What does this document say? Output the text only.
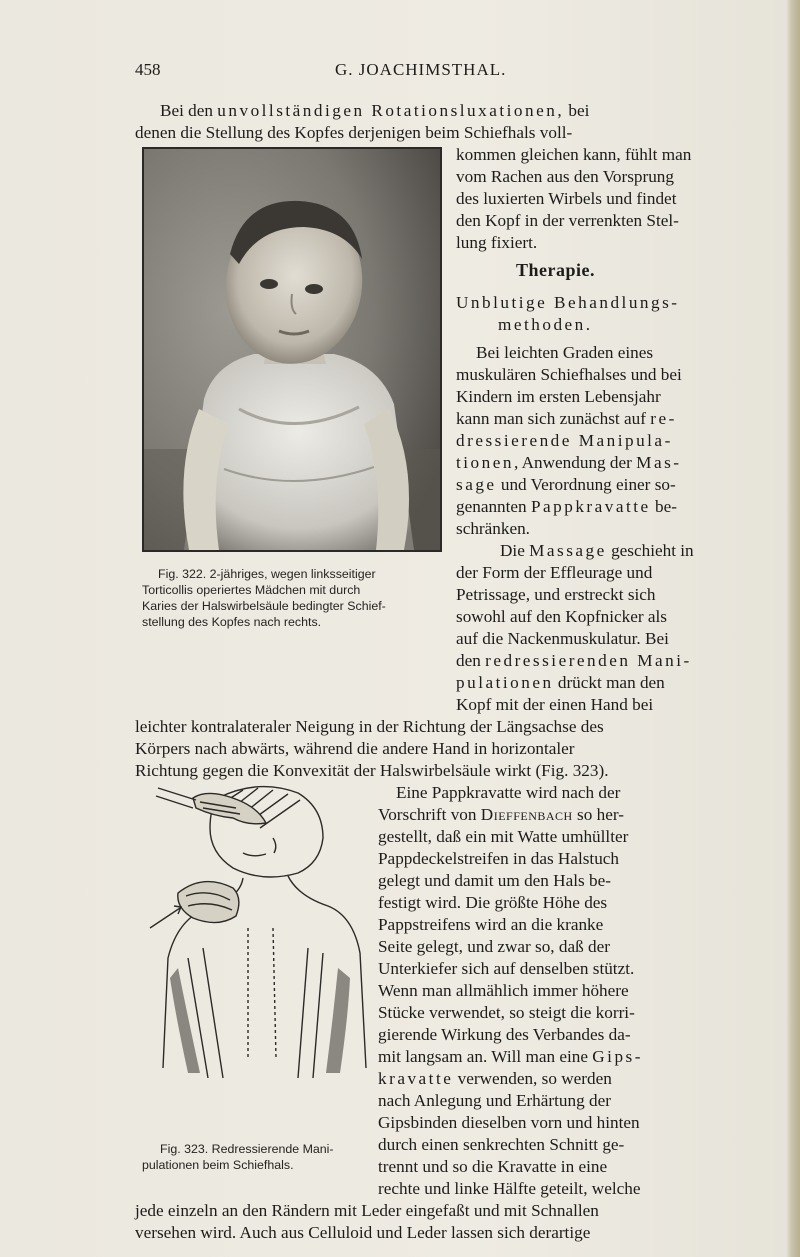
458	G. JOACHIMSTHAL.
Bei den unvollständigen Rotationsluxationen, bei
denen die Stellung des Kopfes derjenigen beim Schiefhals voll-
kommen gleichen kann, fühlt man
vom Rachen aus den Vorsprung
des luxierten Wirbels und findet
den Kopf in der verrenkten Stel-
lung fixiert.
Therapie.
Unblutige Behandlungs-
methoden.
Bei leichten Graden eines
muskulären Schiefhalses und bei
Kindern im ersten Lebensjahr
kann man sich zunächst auf re-
dressierende Manipula-
tionen, Anwendung der Mas-
sage und Verordnung einer so-
genannten Pappkravatte be-
schränken.
Die Massage geschieht in
der Form der Effleurage und
Petrissage, und erstreckt sich
sowohl auf den Kopfnicker als
auf die Nackenmuskulatur. Bei
den redressierenden Mani-
pulationen drückt man den
Kopf mit der einen Hand bei
Fig. 322. 2-jähriges, wegen linksseitiger
Torticollis operiertes Mädchen mit durch
Karies der Halswirbelsäule bedingter Schief-
stellung des Kopfes nach rechts.
leichter kontralateraler Neigung in der Richtung der Längsachse des
Körpers nach abwärts, während die andere Hand in horizontaler
Richtung gegen die Konvexität der Halswirbelsäule wirkt (Fig. 323).
Eine Pappkravatte wird nach der
Vorschrift von Dieffenbach so her-
gestellt, daß ein mit Watte umhüllter
Pappdeckelstreifen in das Halstuch
gelegt und damit um den Hals be-
festigt wird. Die größte Höhe des
Pappstreifens wird an die kranke
Seite gelegt, und zwar so, daß der
Unterkiefer sich auf denselben stützt.
Wenn man allmählich immer höhere
Stücke verwendet, so steigt die korri-
gierende Wirkung des Verbandes da-
mit langsam an. Will man eine Gips-
kravatte verwenden, so werden
nach Anlegung und Erhärtung der
Gipsbinden dieselben vorn und hinten
durch einen senkrechten Schnitt ge-
trennt und so die Kravatte in eine
rechte und linke Hälfte geteilt, welche
jede einzeln an den Rändern mit Leder eingefaßt und mit Schnallen
versehen wird. Auch aus Celluloid und Leder lassen sich derartige
Fig. 323. Redressierende Mani-
pulationen beim Schiefhals.
